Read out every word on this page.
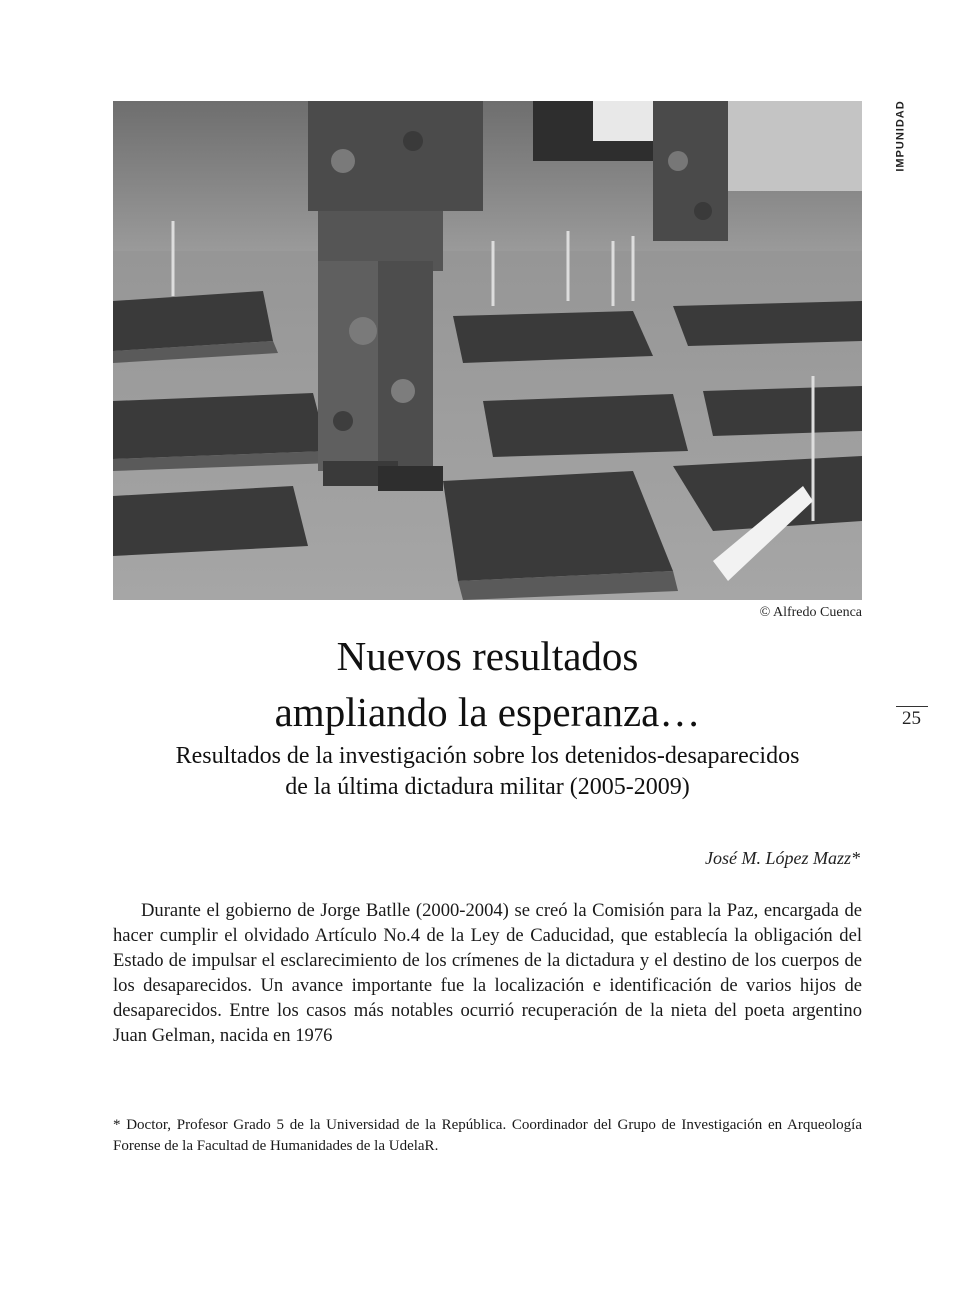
IMPUNIDAD
© Alfredo Cuenca
25
Nuevos resultados
ampliando la esperanza…
Resultados de la investigación sobre los detenidos-desaparecidos
de la última dictadura militar (2005-2009)
José M. López Mazz*

Durante el gobierno de Jorge Batlle (2000-2004) se creó la Comisión para la Paz, encargada de hacer cumplir el olvidado Artículo No.4 de la Ley de Caducidad, que establecía la obligación del Estado de impulsar el esclarecimiento de los crímenes de la dictadura y el destino de los cuerpos de los desaparecidos. Un avance importante fue la localización e identificación de varios hijos de desaparecidos. Entre los casos más notables ocurrió recuperación de la nieta del poeta argentino Juan Gelman, nacida en 1976

* Doctor, Profesor Grado 5 de la Universidad de la República. Coordinador del Grupo de Investigación en Arqueología Forense de la Facultad de Humanidades de la UdelaR.
